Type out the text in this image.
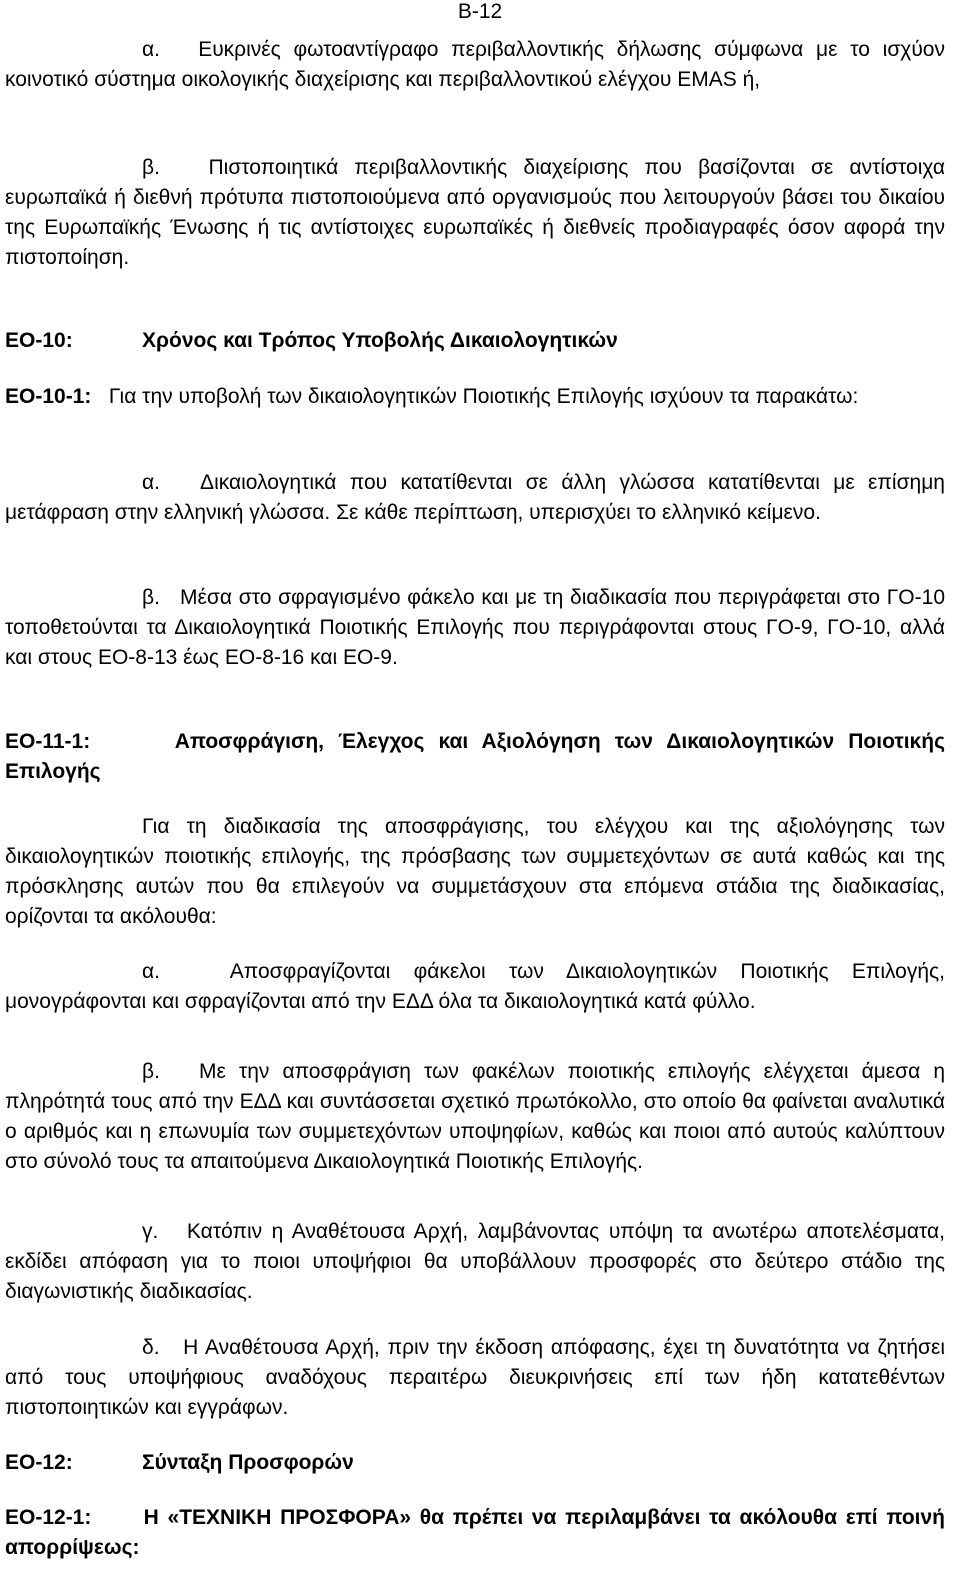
B-12

α.   Ευκρινές φωτοαντίγραφο περιβαλλοντικής δήλωσης σύμφωνα με το ισχύον κοινοτικό σύστημα οικολογικής διαχείρισης και περιβαλλοντικού ελέγχου EMAS ή,

β.   Πιστοποιητικά περιβαλλοντικής διαχείρισης που βασίζονται σε αντίστοιχα ευρωπαϊκά ή διεθνή πρότυπα πιστοποιούμενα από οργανισμούς που λειτουργούν βάσει του δικαίου της Ευρωπαϊκής Ένωσης ή τις αντίστοιχες ευρωπαϊκές ή διεθνείς προδιαγραφές όσον αφορά την πιστοποίηση.

ΕΟ-10:	Χρόνος και Τρόπος Υποβολής Δικαιολογητικών

ΕΟ-10-1:   Για την υποβολή των δικαιολογητικών Ποιοτικής Επιλογής ισχύουν τα παρακάτω:

α.   Δικαιολογητικά που κατατίθενται σε άλλη γλώσσα κατατίθενται με επίσημη μετάφραση στην ελληνική γλώσσα. Σε κάθε περίπτωση, υπερισχύει το ελληνικό κείμενο.

β.   Μέσα στο σφραγισμένο φάκελο και με τη διαδικασία που περιγράφεται στο ΓΟ-10 τοποθετούνται τα Δικαιολογητικά Ποιοτικής Επιλογής που περιγράφονται στους ΓΟ-9, ΓΟ-10, αλλά και στους ΕΟ-8-13 έως ΕΟ-8-16 και ΕΟ-9.

ΕΟ-11-1:	Αποσφράγιση, Έλεγχος και Αξιολόγηση των Δικαιολογητικών Ποιοτικής Επιλογής

Για τη διαδικασία της αποσφράγισης, του ελέγχου και της αξιολόγησης των δικαιολογητικών ποιοτικής επιλογής, της πρόσβασης των συμμετεχόντων σε αυτά καθώς και της πρόσκλησης αυτών που θα επιλεγούν να συμμετάσχουν στα επόμενα στάδια της διαδικασίας, ορίζονται τα ακόλουθα:

α.   Αποσφραγίζονται φάκελοι των Δικαιολογητικών Ποιοτικής Επιλογής, μονογράφονται και σφραγίζονται από την ΕΔΔ όλα τα δικαιολογητικά κατά φύλλο.

β.   Με την αποσφράγιση των φακέλων ποιοτικής επιλογής ελέγχεται άμεσα η πληρότητά τους από την ΕΔΔ και συντάσσεται σχετικό πρωτόκολλο, στο οποίο θα φαίνεται αναλυτικά ο αριθμός και η επωνυμία των συμμετεχόντων υποψηφίων, καθώς και ποιοι από αυτούς καλύπτουν στο σύνολό τους τα απαιτούμενα Δικαιολογητικά Ποιοτικής Επιλογής.

γ.   Κατόπιν η Αναθέτουσα Αρχή, λαμβάνοντας υπόψη τα ανωτέρω αποτελέσματα, εκδίδει απόφαση για το ποιοι υποψήφιοι θα υποβάλλουν προσφορές στο δεύτερο στάδιο της διαγωνιστικής διαδικασίας.

δ.   Η Αναθέτουσα Αρχή, πριν την έκδοση απόφασης, έχει τη δυνατότητα να ζητήσει από τους υποψήφιους αναδόχους περαιτέρω διευκρινήσεις επί των ήδη κατατεθέντων πιστοποιητικών και εγγράφων.

ΕΟ-12:	Σύνταξη Προσφορών

ΕΟ-12-1: Η «ΤΕΧΝΙΚΗ ΠΡΟΣΦΟΡΑ» θα πρέπει να περιλαμβάνει τα ακόλουθα επί ποινή απορρίψεως:
